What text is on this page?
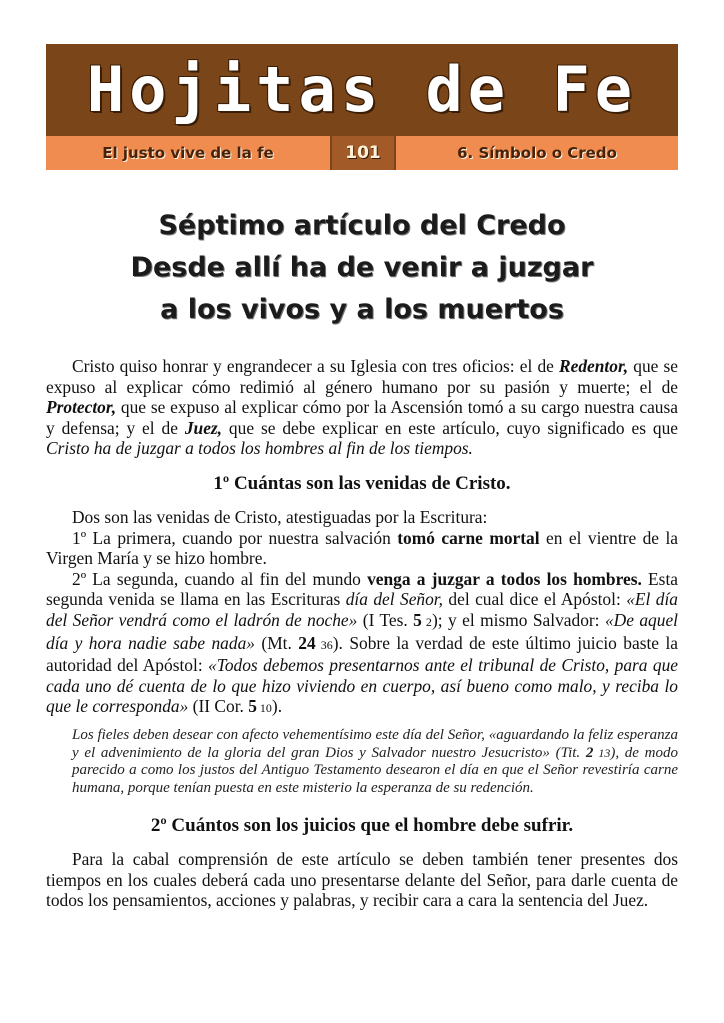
Hojitas de Fe
El justo vive de la fe	101	6. Símbolo o Credo
Séptimo artículo del Credo
Desde allí ha de venir a juzgar
a los vivos y a los muertos

Cristo quiso honrar y engrandecer a su Iglesia con tres oficios: el de Redentor, que se expuso al explicar cómo redimió al género humano por su pasión y muerte; el de Protector, que se expuso al explicar cómo por la Ascensión tomó a su cargo nuestra causa y defensa; y el de Juez, que se debe explicar en este artículo, cuyo significado es que Cristo ha de juzgar a todos los hombres al fin de los tiempos.

1º Cuántas son las venidas de Cristo.

Dos son las venidas de Cristo, atestiguadas por la Escritura:

1º La primera, cuando por nuestra salvación tomó carne mortal en el vientre de la Virgen María y se hizo hombre.

2º La segunda, cuando al fin del mundo venga a juzgar a todos los hombres. Esta segunda venida se llama en las Escrituras día del Señor, del cual dice el Apóstol: «El día del Señor vendrá como el ladrón de noche» (I Tes. 5 2); y el mismo Salvador: «De aquel día y hora nadie sabe nada» (Mt. 24 36). Sobre la verdad de este último juicio baste la autoridad del Apóstol: «Todos debemos presentarnos ante el tribunal de Cristo, para que cada uno dé cuenta de lo que hizo viviendo en cuerpo, así bueno como malo, y reciba lo que le corresponda» (II Cor. 5 10).

Los fieles deben desear con afecto vehementísimo este día del Señor, «aguardando la feliz esperanza y el advenimiento de la gloria del gran Dios y Salvador nuestro Jesucristo» (Tit. 2 13), de modo parecido a como los justos del Antiguo Testamento desearon el día en que el Señor revestiría carne humana, porque tenían puesta en este misterio la esperanza de su redención.
2º Cuántos son los juicios que el hombre debe sufrir.

Para la cabal comprensión de este artículo se deben también tener presentes dos tiempos en los cuales deberá cada uno presentarse delante del Señor, para darle cuenta de todos los pensamientos, acciones y palabras, y recibir cara a cara la sentencia del Juez.
